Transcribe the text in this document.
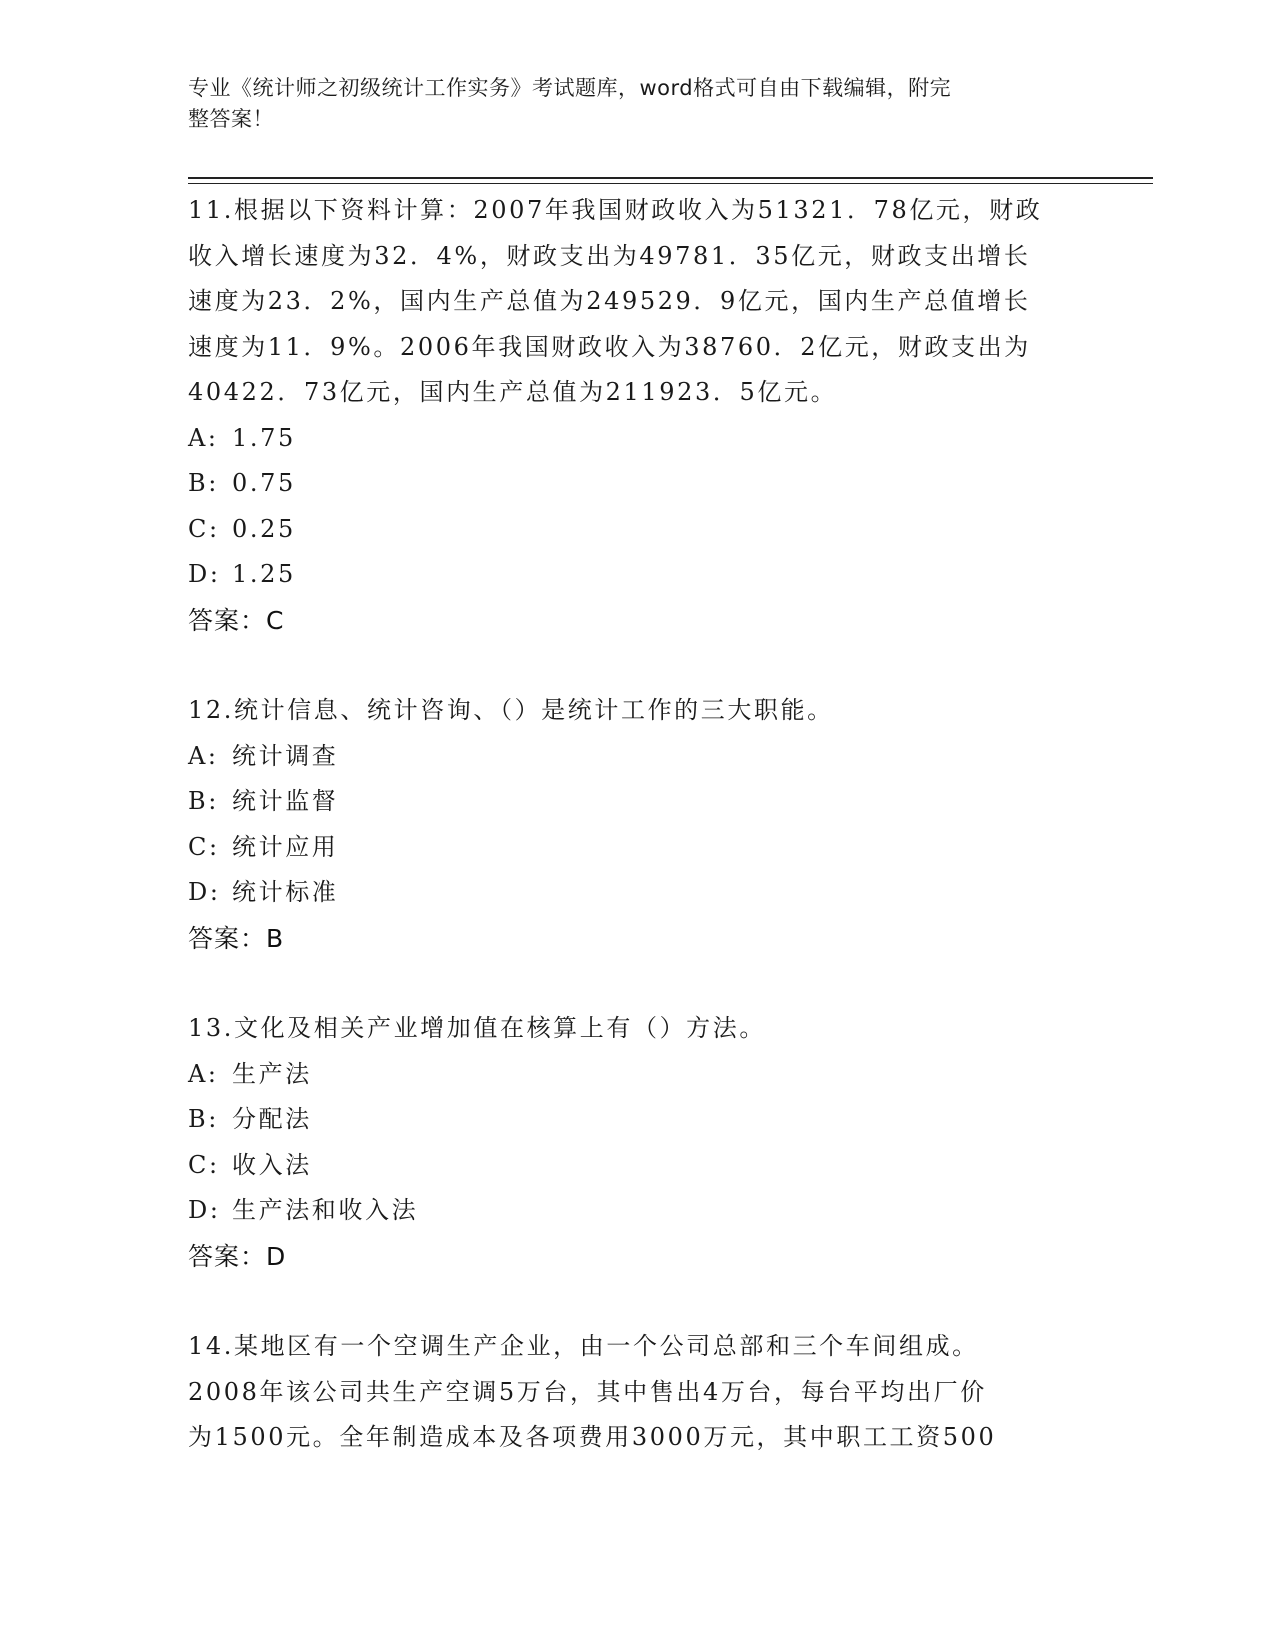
专业《统计师之初级统计工作实务》考试题库，word格式可自由下载编辑，附完
整答案！
11.根据以下资料计算：2007年我国财政收入为51321．78亿元，财政
收入增长速度为32．4%，财政支出为49781．35亿元，财政支出增长
速度为23．2%，国内生产总值为249529．9亿元，国内生产总值增长
速度为11．9%。2006年我国财政收入为38760．2亿元，财政支出为
40422．73亿元，国内生产总值为211923．5亿元。
A: 1.75
B: 0.75
C: 0.25
D: 1.25
答案：C
12.统计信息、统计咨询、（）是统计工作的三大职能。
A: 统计调查
B: 统计监督
C: 统计应用
D: 统计标准
答案：B
13.文化及相关产业增加值在核算上有（）方法。
A: 生产法
B: 分配法
C: 收入法
D: 生产法和收入法
答案：D
14.某地区有一个空调生产企业，由一个公司总部和三个车间组成。
2008年该公司共生产空调5万台，其中售出4万台，每台平均出厂价
为1500元。全年制造成本及各项费用3000万元，其中职工工资500
